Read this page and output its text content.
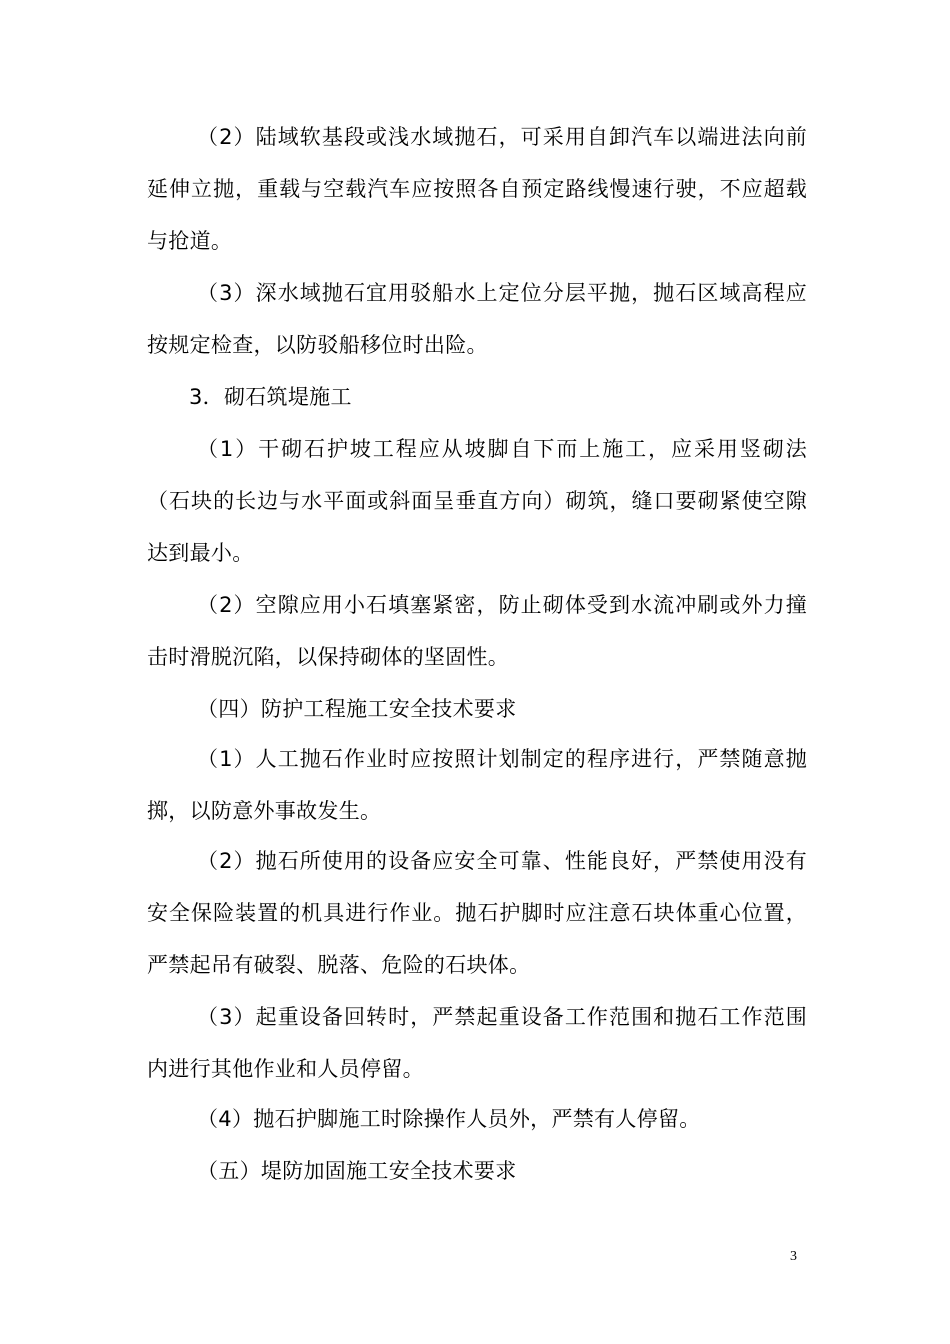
（2）陆域软基段或浅水域抛石，可采用自卸汽车以端进法向前延伸立抛，重载与空载汽车应按照各自预定路线慢速行驶，不应超载与抢道。

（3）深水域抛石宜用驳船水上定位分层平抛，抛石区域高程应按规定检查，以防驳船移位时出险。

3．砌石筑堤施工

（1）干砌石护坡工程应从坡脚自下而上施工，应采用竖砌法（石块的长边与水平面或斜面呈垂直方向）砌筑，缝口要砌紧使空隙达到最小。

（2）空隙应用小石填塞紧密，防止砌体受到水流冲刷或外力撞击时滑脱沉陷，以保持砌体的坚固性。

（四）防护工程施工安全技术要求

（1）人工抛石作业时应按照计划制定的程序进行，严禁随意抛掷，以防意外事故发生。

（2）抛石所使用的设备应安全可靠、性能良好，严禁使用没有安全保险装置的机具进行作业。抛石护脚时应注意石块体重心位置，严禁起吊有破裂、脱落、危险的石块体。

（3）起重设备回转时，严禁起重设备工作范围和抛石工作范围内进行其他作业和人员停留。

（4）抛石护脚施工时除操作人员外，严禁有人停留。

（五）堤防加固施工安全技术要求

3
